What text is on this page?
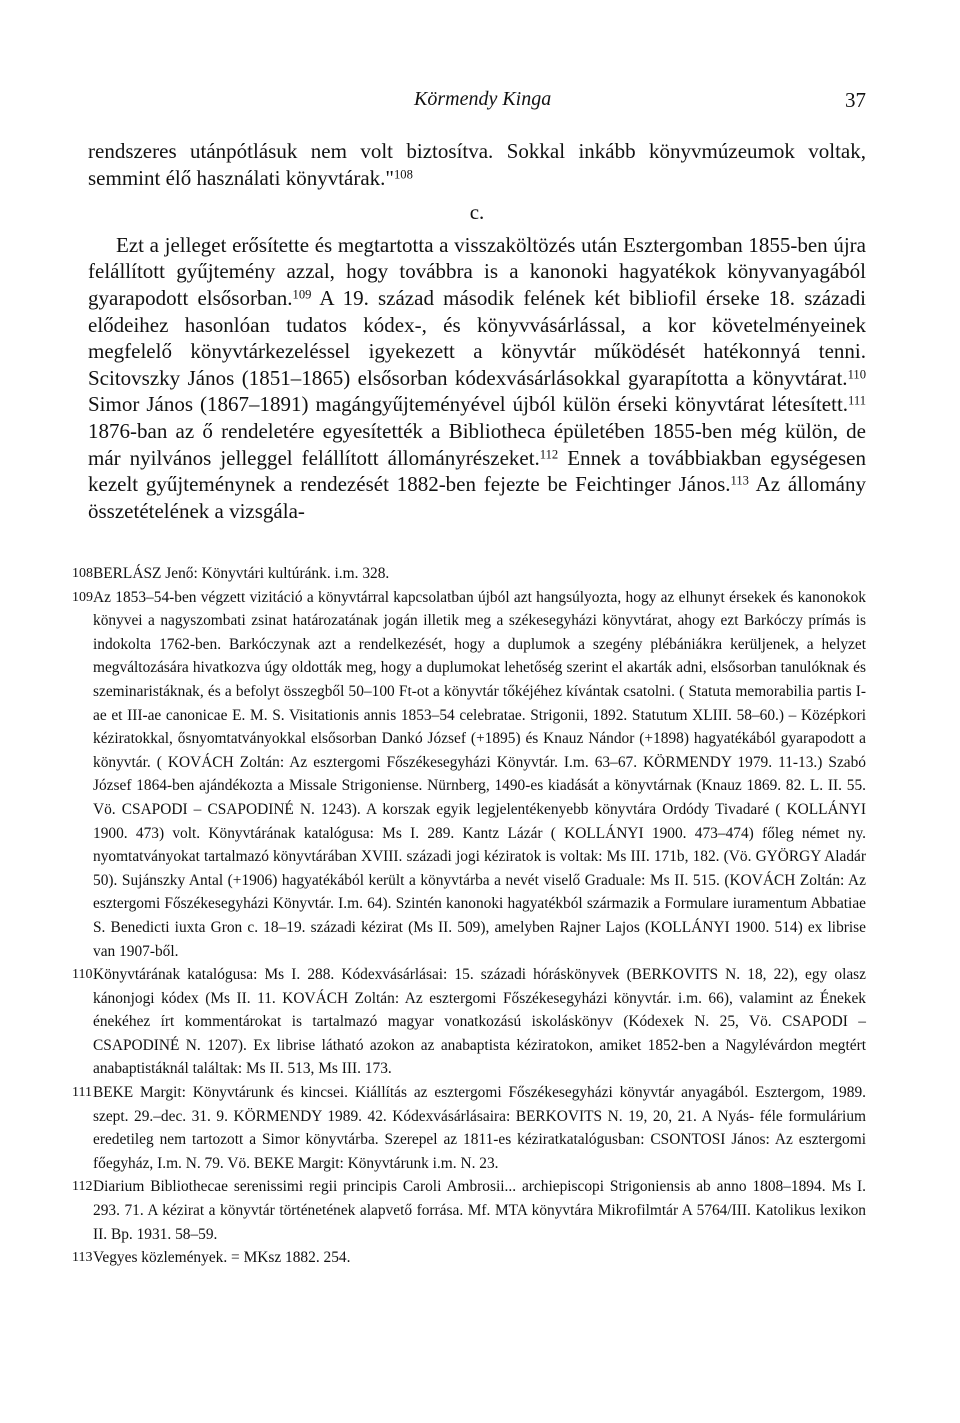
Körmendy Kinga	37

rendszeres utánpótlásuk nem volt biztosítva. Sokkal inkább könyvmúzeumok voltak, semmint élő használati könyvtárak."$^{108}$

c.

Ezt a jelleget erősítette és megtartotta a visszaköltözés után Esztergomban 1855-ben újra felállított gyűjtemény azzal, hogy továbbra is a kanonoki hagyatékok könyvanyagából gyarapodott elsősorban.$^{109}$ A 19. század második felének két bibliofil érseke 18. századi elődeihez hasonlóan tudatos kódex-, és könyvvásárlással, a kor követelményeinek megfelelő könyvtárkezeléssel igyekezett a könyvtár működését hatékonnyá tenni. Scitovszky János (1851–1865) elsősorban kódexvásárlásokkal gyarapította a könyvtárat.$^{110}$ Simor János (1867–1891) magángyűjteményével újból külön érseki könyvtárat létesített.$^{111}$ 1876-ban az ő rendeletére egyesítették a Bibliotheca épületében 1855-ben még külön, de már nyilvános jelleggel felállított állományrészeket.$^{112}$ Ennek a továbbiakban egységesen kezelt gyűjteménynek a rendezését 1882-ben fejezte be Feichtinger János.$^{113}$ Az állomány összetételének a vizsgála-

108 BERLÁSZ Jenő: Könyvtári kultúránk. i.m. 328.

109 Az 1853–54-ben végzett vizitáció a könyvtárral kapcsolatban újból azt hangsúlyozta, hogy az elhunyt érsekek és kanonokok könyvei a nagyszombati zsinat határozatának jogán illetik meg a székesegyházi könyvtárat, ahogy ezt Barkóczy prímás is indokolta 1762-ben. Barkóczynak azt a rendelkezését, hogy a duplumok a szegény plébániákra kerüljenek, a helyzet megváltozására hivatkozva úgy oldották meg, hogy a duplumokat lehetőség szerint el akarták adni, elsősorban tanulóknak és szeminaristáknak, és a befolyt összegből 50–100 Ft-ot a könyvtár tőkéjéhez kívántak csatolni. ( Statuta memorabilia partis I-ae et III-ae canonicae E. M. S. Visitationis annis 1853–54 celebratae. Strigonii, 1892. Statutum XLIII. 58–60.) – Középkori kéziratokkal, ősnyomtatványokkal elsősorban Dankó József (+1895) és Knauz Nándor (+1898) hagyatékából gyarapodott a könyvtár. ( KOVÁCH Zoltán: Az esztergomi Főszékesegyházi Könyvtár. I.m. 63–67. KÖRMENDY 1979. 11-13.) Szabó József 1864-ben ajándékozta a Missale Strigoniense. Nürnberg, 1490-es kiadását a könyvtárnak (Knauz 1869. 82. L. II. 55. Vö. CSAPODI – CSAPODINÉ N. 1243). A korszak egyik legjelentékenyebb könyvtára Ordódy Tivadaré ( KOLLÁNYI 1900. 473) volt. Könyvtárának katalógusa: Ms I. 289. Kantz Lázár ( KOLLÁNYI 1900. 473–474) főleg német ny. nyomtatványokat tartalmazó könyvtárában XVIII. századi jogi kéziratok is voltak: Ms III. 171b, 182. (Vö. GYÖRGY Aladár 50). Sujánszky Antal (+1906) hagyatékából került a könyvtárba a nevét viselő Graduale: Ms II. 515. (KOVÁCH Zoltán: Az esztergomi Főszékesegyházi Könyvtár. I.m. 64). Szintén kanonoki hagyatékból származik a Formulare iuramentum Abbatiae S. Benedicti iuxta Gron c. 18–19. századi kézirat (Ms II. 509), amelyben Rajner Lajos (KOLLÁNYI 1900. 514) ex librise van 1907-ből.

110 Könyvtárának katalógusa: Ms I. 288. Kódexvásárlásai: 15. századi hóráskönyvek (BERKOVITS N. 18, 22), egy olasz kánonjogi kódex (Ms II. 11. KOVÁCH Zoltán: Az esztergomi Főszékesegyházi könyvtár. i.m. 66), valamint az Énekek énekéhez írt kommentárokat is tartalmazó magyar vonatkozású iskoláskönyv (Kódexek N. 25, Vö. CSAPODI – CSAPODINÉ N. 1207). Ex librise látható azokon az anabaptista kéziratokon, amiket 1852-ben a Nagylévárdon megtért anabaptistáknál találtak: Ms II. 513, Ms III. 173.

111 BEKE Margit: Könyvtárunk és kincsei. Kiállítás az esztergomi Főszékesegyházi könyvtár anyagából. Esztergom, 1989. szept. 29.–dec. 31. 9. KÖRMENDY 1989. 42. Kódexvásárlásaira: BERKOVITS N. 19, 20, 21. A Nyás- féle formulárium eredetileg nem tartozott a Simor könyvtárba. Szerepel az 1811-es kéziratkatalógusban: CSONTOSI János: Az esztergomi főegyház, I.m. N. 79. Vö. BEKE Margit: Könyvtárunk i.m. N. 23.

112 Diarium Bibliothecae serenissimi regii principis Caroli Ambrosii... archiepiscopi Strigoniensis ab anno 1808–1894. Ms I. 293. 71. A kézirat a könyvtár történetének alapvető forrása. Mf. MTA könyvtára Mikrofilmtár A 5764/III. Katolikus lexikon II. Bp. 1931. 58–59.

113 Vegyes közlemények. = MKsz 1882. 254.
